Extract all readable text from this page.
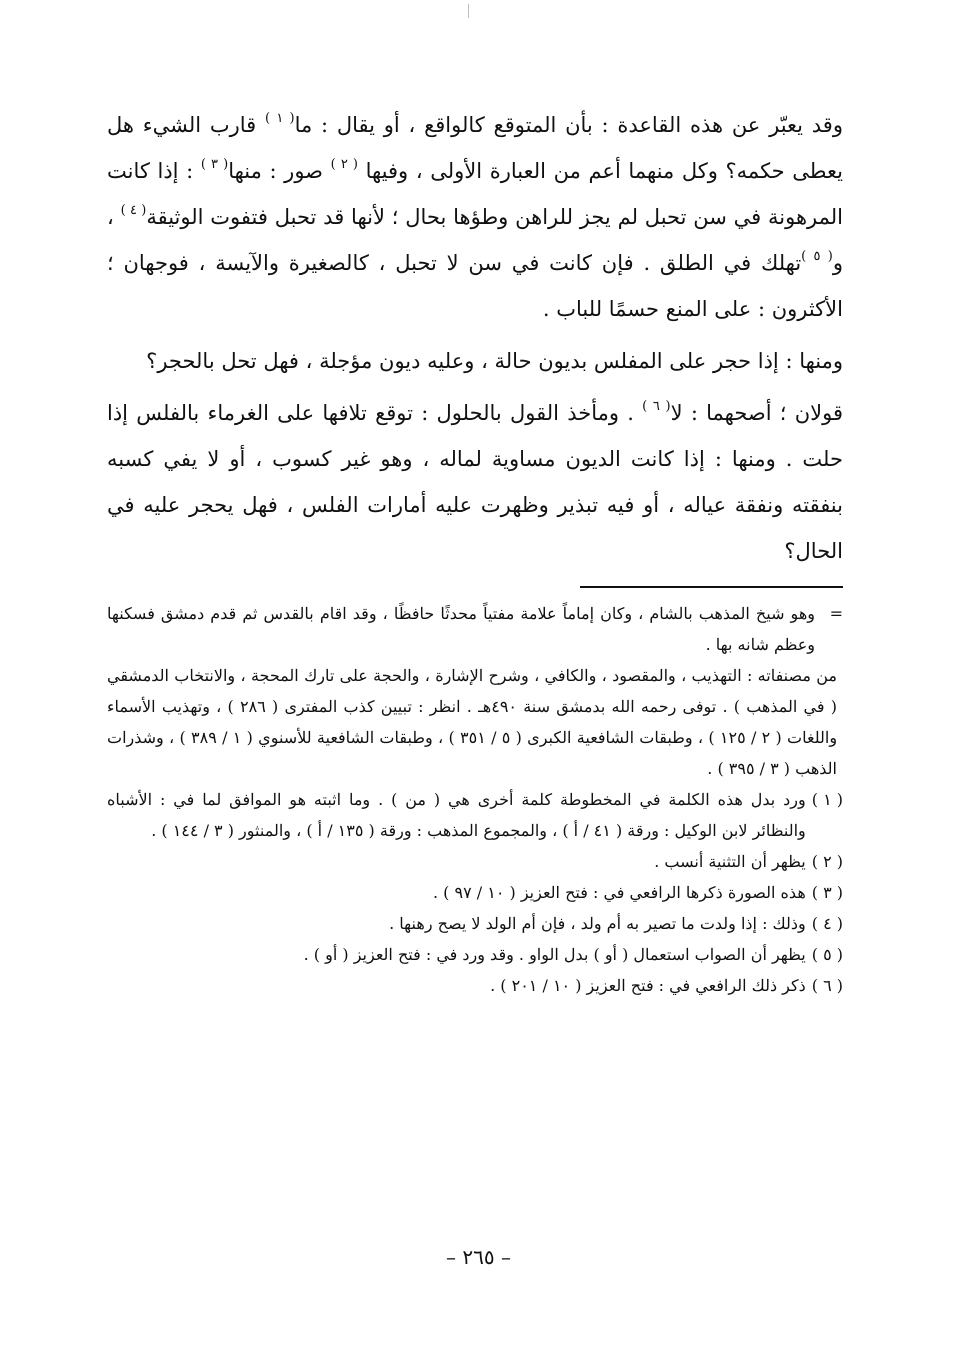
وقد يعبّر عن هذه القاعدة : بأن المتوقع كالواقع ، أو يقال : ما$^{( ١ )}$ قارب الشيء هل يعطى حكمه؟ وكل منهما أعم من العبارة الأولى ، وفيها $^{( ٢ )}$ صور : منها$^{( ٣ )}$ : إذا كانت المرهونة في سن تحبل لم يجز للراهن وطؤها بحال ؛ لأنها قد تحبل فتفوت الوثيقة$^{( ٤ )}$ ، و$^{( ٥ )}$تهلك في الطلق . فإن كانت في سن لا تحبل ، كالصغيرة والآيسة ، فوجهان ؛ الأكثرون : على المنع حسمًا للباب .

ومنها : إذا حجر على المفلس بديون حالة ، وعليه ديون مؤجلة ، فهل تحل بالحجر؟

قولان ؛ أصحهما : لا$^{( ٦ )}$ . ومأخذ القول بالحلول : توقع تلافها على الغرماء بالفلس إذا حلت . ومنها : إذا كانت الديون مساوية لماله ، وهو غير كسوب ، أو لا يفي كسبه بنفقته ونفقة عياله ، أو فيه تبذير وظهرت عليه أمارات الفلس ، فهل يحجر عليه في الحال؟

=
وهو شيخ المذهب بالشام ، وكان إماماً علامة مفتياً محدثًا حافظًا ، وقد اقام بالقدس ثم قدم دمشق فسكنها وعظم شانه بها .
من مصنفاته : التهذيب ، والمقصود ، والكافي ، وشرح الإشارة ، والحجة على تارك المحجة ، والانتخاب الدمشقي ( في المذهب ) . توفى رحمه الله بدمشق سنة ٤٩٠هـ . انظر : تبيين كذب المفترى ( ٢٨٦ ) ، وتهذيب الأسماء واللغات ( ٢ / ١٢٥ ) ، وطبقات الشافعية الكبرى ( ٥ / ٣٥١ ) ، وطبقات الشافعية للأسنوي ( ١ / ٣٨٩ ) ، وشذرات الذهب ( ٣ / ٣٩٥ ) .
( ١ )
ورد بدل هذه الكلمة في المخطوطة كلمة أخرى هي ( من ) . وما اثبته هو الموافق لما في : الأشباه والنظائر لابن الوكيل : ورقة ( ٤١ / أ ) ، والمجموع المذهب : ورقة ( ١٣٥ / أ ) ، والمنثور ( ٣ / ١٤٤ ) .
( ٢ )
يظهر أن التثنية أنسب .
( ٣ )
هذه الصورة ذكرها الرافعي في : فتح العزيز ( ١٠ / ٩٧ ) .
( ٤ )
وذلك : إذا ولدت ما تصير به أم ولد ، فإن أم الولد لا يصح رهنها .
( ٥ )
يظهر أن الصواب استعمال ( أو ) بدل الواو . وقد ورد في : فتح العزيز ( أو ) .
( ٦ )
ذكر ذلك الرافعي في : فتح العزيز ( ١٠ / ٢٠١ ) .
– ٢٦٥ –
